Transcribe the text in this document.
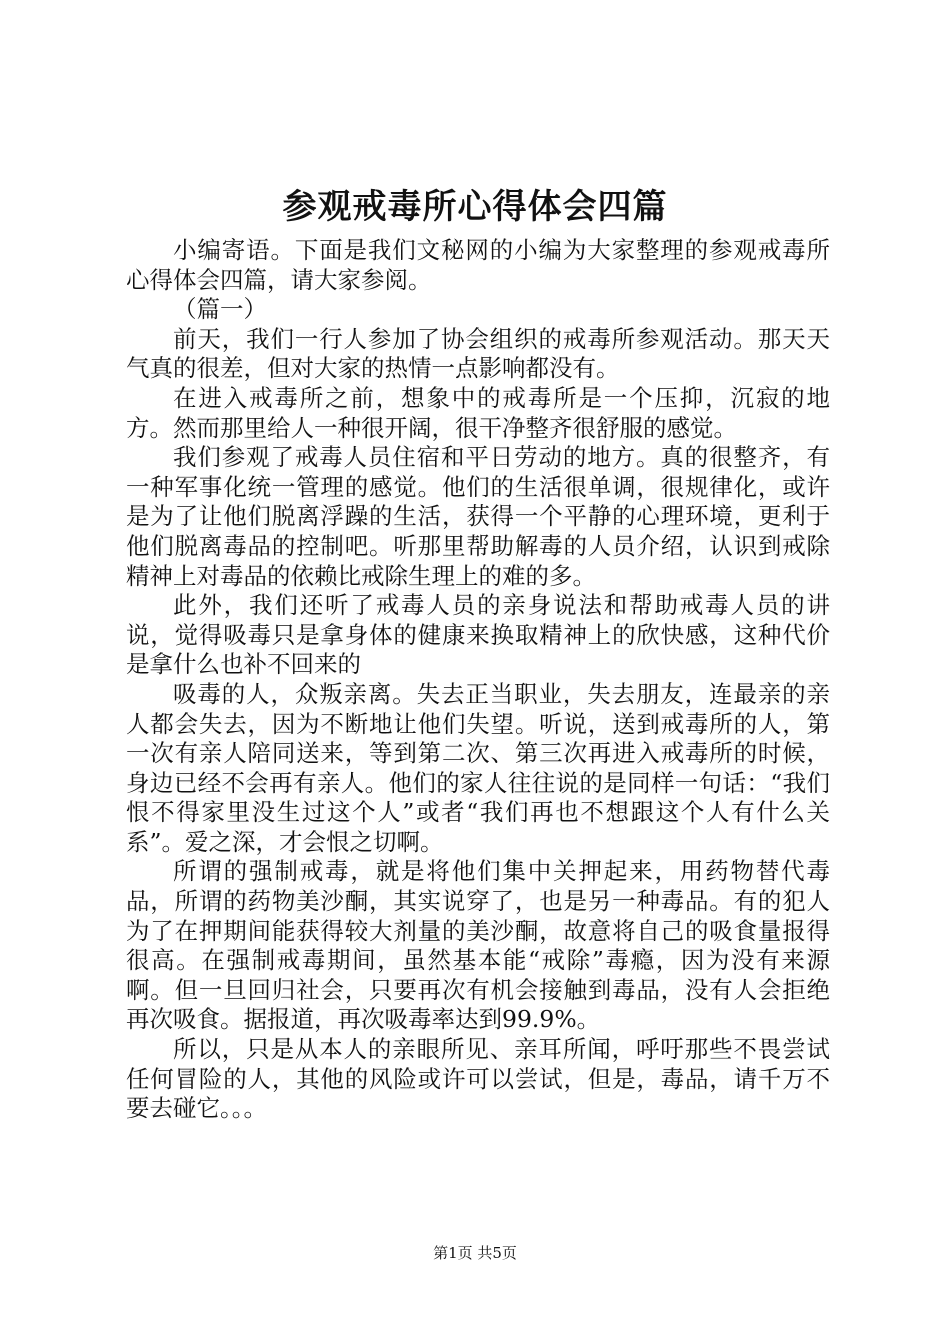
参观戒毒所心得体会四篇

小编寄语。下面是我们文秘网的小编为大家整理的参观戒毒所心得体会四篇，请大家参阅。

（篇一）

前天，我们一行人参加了协会组织的戒毒所参观活动。那天天气真的很差，但对大家的热情一点影响都没有。

在进入戒毒所之前，想象中的戒毒所是一个压抑，沉寂的地方。然而那里给人一种很开阔，很干净整齐很舒服的感觉。

我们参观了戒毒人员住宿和平日劳动的地方。真的很整齐，有一种军事化统一管理的感觉。他们的生活很单调，很规律化，或许是为了让他们脱离浮躁的生活，获得一个平静的心理环境，更利于他们脱离毒品的控制吧。听那里帮助解毒的人员介绍，认识到戒除精神上对毒品的依赖比戒除生理上的难的多。

此外，我们还听了戒毒人员的亲身说法和帮助戒毒人员的讲说，觉得吸毒只是拿身体的健康来换取精神上的欣快感，这种代价是拿什么也补不回来的

吸毒的人，众叛亲离。失去正当职业，失去朋友，连最亲的亲人都会失去，因为不断地让他们失望。听说，送到戒毒所的人，第一次有亲人陪同送来，等到第二次、第三次再进入戒毒所的时候，身边已经不会再有亲人。他们的家人往往说的是同样一句话：“我们恨不得家里没生过这个人”或者“我们再也不想跟这个人有什么关系”。爱之深，才会恨之切啊。

所谓的强制戒毒，就是将他们集中关押起来，用药物替代毒品，所谓的药物美沙酮，其实说穿了，也是另一种毒品。有的犯人为了在押期间能获得较大剂量的美沙酮，故意将自己的吸食量报得很高。在强制戒毒期间，虽然基本能“戒除”毒瘾，因为没有来源啊。但一旦回归社会，只要再次有机会接触到毒品，没有人会拒绝再次吸食。据报道，再次吸毒率达到99.9%。

所以，只是从本人的亲眼所见、亲耳所闻，呼吁那些不畏尝试任何冒险的人，其他的风险或许可以尝试，但是，毒品，请千万不要去碰它。。。

第1页 共5页
